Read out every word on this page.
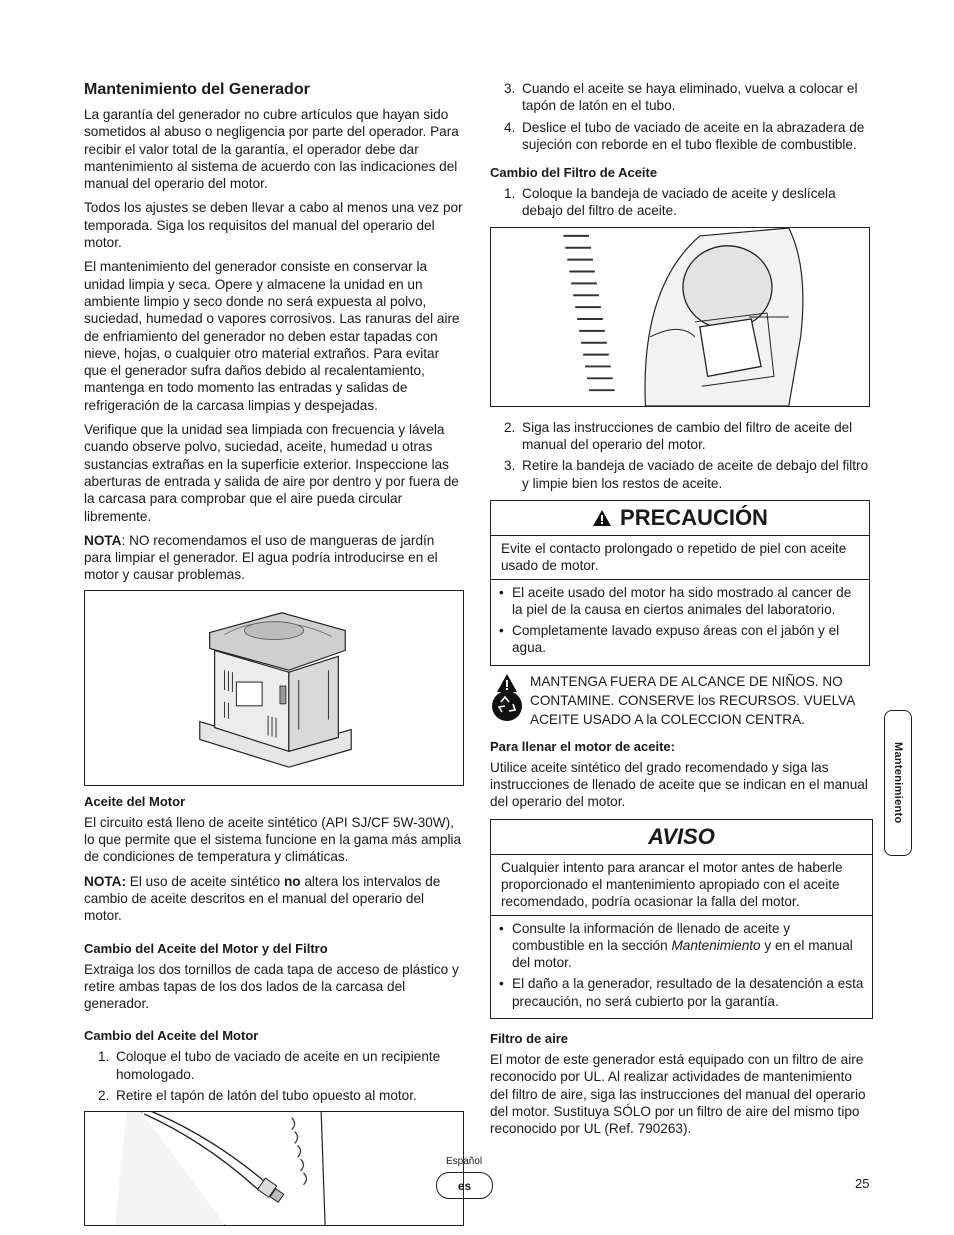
Mantenimiento del Generador

La garantía del generador no cubre artículos que hayan sido sometidos al abuso o negligencia por parte del operador. Para recibir el valor total de la garantía, el operador debe dar mantenimiento al sistema de acuerdo con las indicaciones del manual del operario del motor.

Todos los ajustes se deben llevar a cabo al menos una vez por temporada. Siga los requisitos del manual del operario del motor.

El mantenimiento del generador consiste en conservar la unidad limpia y seca. Opere y almacene la unidad en un ambiente limpio y seco donde no será expuesta al polvo, suciedad, humedad o vapores corrosivos. Las ranuras del aire de enfriamiento del generador no deben estar tapadas con nieve, hojas, o cualquier otro material extraños. Para evitar que el generador sufra daños debido al recalentamiento, mantenga en todo momento las entradas y salidas de refrigeración de la carcasa limpias y despejadas.

Verifique que la unidad sea limpiada con frecuencia y lávela cuando observe polvo, suciedad, aceite, humedad u otras sustancias extrañas en la superficie exterior. Inspeccione las aberturas de entrada y salida de aire por dentro y por fuera de la carcasa para comprobar que el aire pueda circular libremente.

NOTA: NO recomendamos el uso de mangueras de jardín para limpiar el generador. El agua podría introducirse en el motor y causar problemas.

Aceite del Motor

El circuito está lleno de aceite sintético (API SJ/CF 5W-30W), lo que permite que el sistema funcione en la gama más amplia de condiciones de temperatura y climáticas.

NOTA: El uso de aceite sintético no altera los intervalos de cambio de aceite descritos en el manual del operario del motor.

Cambio del Aceite del Motor y del Filtro

Extraiga los dos tornillos de cada tapa de acceso de plástico y retire ambas tapas de los dos lados de la carcasa del generador.

Cambio del Aceite del Motor
1. Coloque el tubo de vaciado de aceite en un recipiente homologado.
2. Retire el tapón de latón del tubo opuesto al motor.
3. Cuando el aceite se haya eliminado, vuelva a colocar el tapón de latón en el tubo.
4. Deslice el tubo de vaciado de aceite en la abrazadera de sujeción con reborde en el tubo flexible de combustible.
Cambio del Filtro de Aceite
1. Coloque la bandeja de vaciado de aceite y deslícela debajo del filtro de aceite.
2. Siga las instrucciones de cambio del filtro de aceite del manual del operario del motor.
3. Retire la bandeja de vaciado de aceite de debajo del filtro y limpie bien los restos de aceite.
PRECAUCIÓN
Evite el contacto prolongado o repetido de piel con aceite usado de motor.
• El aceite usado del motor ha sido mostrado al cancer de la piel de la causa en ciertos animales del laboratorio.
• Completamente lavado expuso áreas con el jabón y el agua.
MANTENGA FUERA DE ALCANCE DE NIÑOS. NO
CONTAMINE. CONSERVE los RECURSOS. VUELVA
ACEITE USADO A la COLECCION CENTRA.
Para llenar el motor de aceite:

Utilice aceite sintético del grado recomendado y siga las instrucciones de llenado de aceite que se indican en el manual del operario del motor.

AVISO
Cualquier intento para arancar el motor antes de haberle proporcionado el mantenimiento apropiado con el aceite recomendado, podría ocasionar la falla del motor.
• Consulte la información de llenado de aceite y combustible en la sección Mantenimiento y en el manual del motor.
• El daño a la generador, resultado de la desatención a esta precaución, no será cubierto por la garantía.
Filtro de aire

El motor de este generador está equipado con un filtro de aire reconocido por UL. Al realizar actividades de mantenimiento del filtro de aire, siga las instrucciones del manual del operario del motor. Sustituya SÓLO por un filtro de aire del mismo tipo reconocido por UL (Ref. 790263).

Mantenimiento
Español
es	25
